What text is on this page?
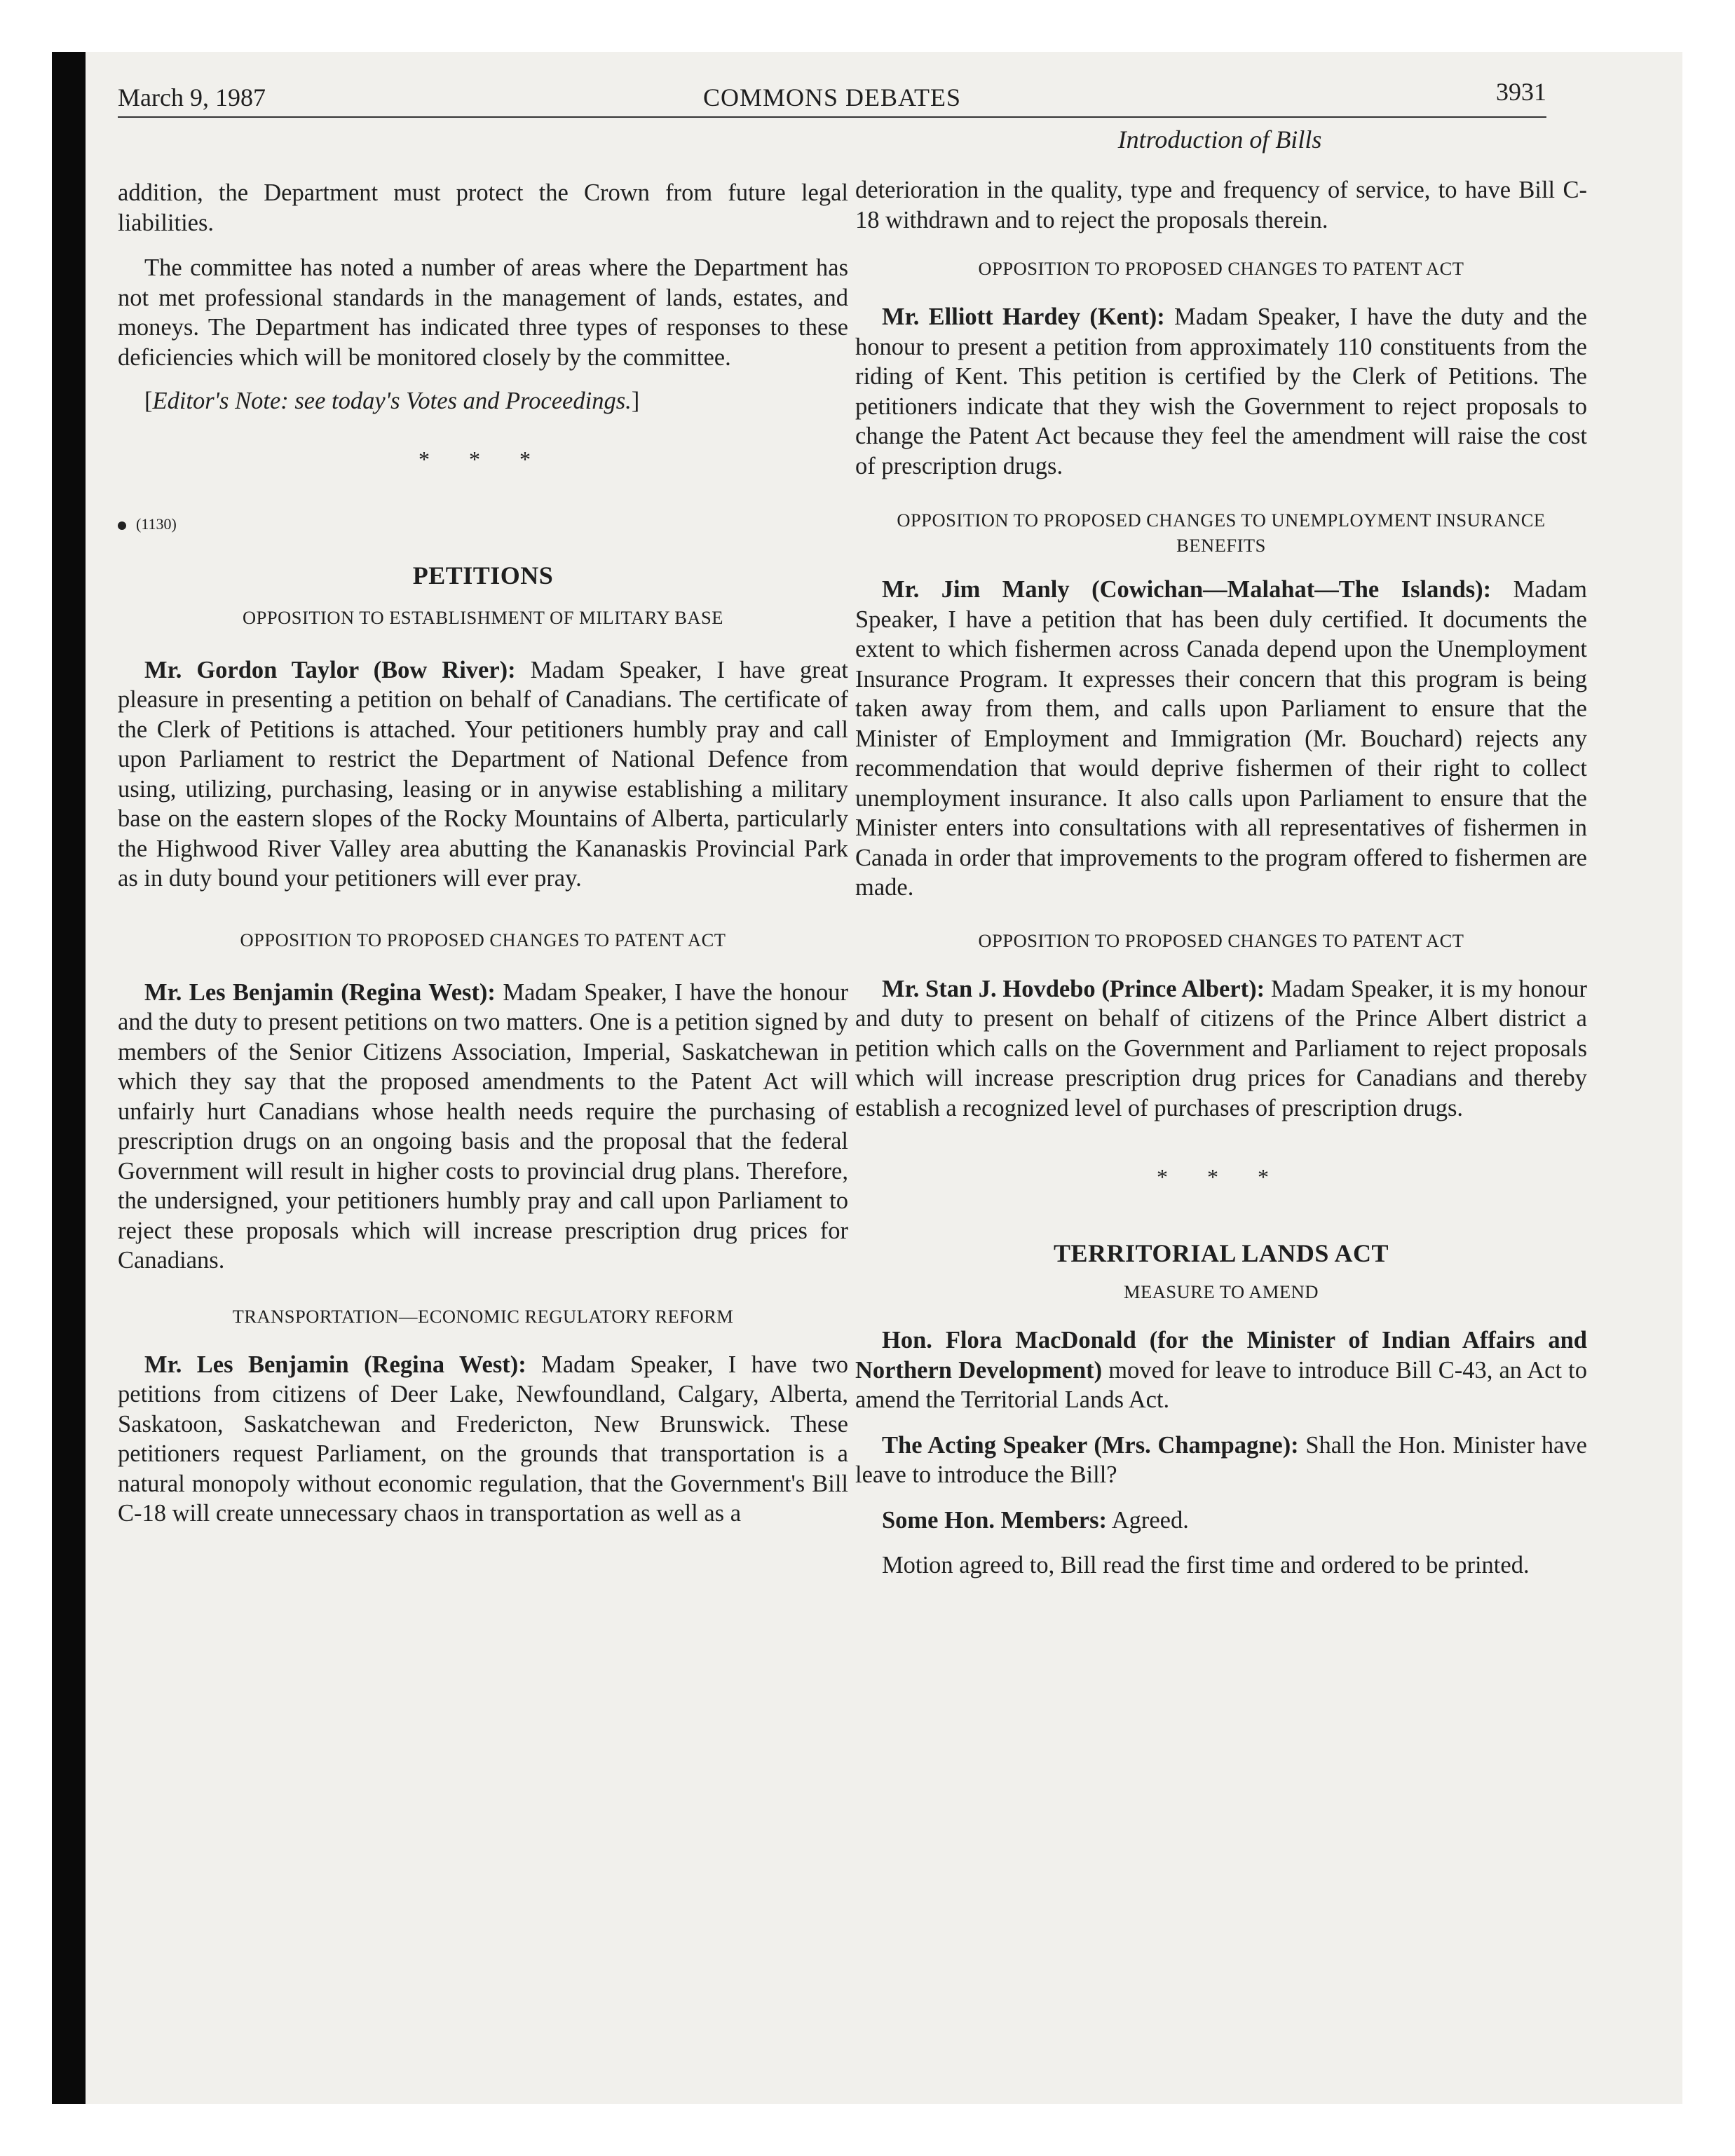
March 9, 1987	COMMONS DEBATES	3931
Introduction of Bills

addition, the Department must protect the Crown from future legal liabilities.

The committee has noted a number of areas where the Department has not met professional standards in the management of lands, estates, and moneys. The Department has indicated three types of responses to these deficiencies which will be monitored closely by the committee.

[Editor's Note: see today's Votes and Proceedings.]

* * *

(1130)

PETITIONS

OPPOSITION TO ESTABLISHMENT OF MILITARY BASE

Mr. Gordon Taylor (Bow River): Madam Speaker, I have great pleasure in presenting a petition on behalf of Canadians. The certificate of the Clerk of Petitions is attached. Your petitioners humbly pray and call upon Parliament to restrict the Department of National Defence from using, utilizing, purchasing, leasing or in anywise establishing a military base on the eastern slopes of the Rocky Mountains of Alberta, particularly the Highwood River Valley area abutting the Kananaskis Provincial Park as in duty bound your petitioners will ever pray.

OPPOSITION TO PROPOSED CHANGES TO PATENT ACT

Mr. Les Benjamin (Regina West): Madam Speaker, I have the honour and the duty to present petitions on two matters. One is a petition signed by members of the Senior Citizens Association, Imperial, Saskatchewan in which they say that the proposed amendments to the Patent Act will unfairly hurt Canadians whose health needs require the purchasing of prescription drugs on an ongoing basis and the proposal that the federal Government will result in higher costs to provincial drug plans. Therefore, the undersigned, your petitioners humbly pray and call upon Parliament to reject these proposals which will increase prescription drug prices for Canadians.

TRANSPORTATION—ECONOMIC REGULATORY REFORM

Mr. Les Benjamin (Regina West): Madam Speaker, I have two petitions from citizens of Deer Lake, Newfoundland, Calgary, Alberta, Saskatoon, Saskatchewan and Fredericton, New Brunswick. These petitioners request Parliament, on the grounds that transportation is a natural monopoly without economic regulation, that the Government's Bill C-18 will create unnecessary chaos in transportation as well as a

deterioration in the quality, type and frequency of service, to have Bill C-18 withdrawn and to reject the proposals therein.

OPPOSITION TO PROPOSED CHANGES TO PATENT ACT

Mr. Elliott Hardey (Kent): Madam Speaker, I have the duty and the honour to present a petition from approximately 110 constituents from the riding of Kent. This petition is certified by the Clerk of Petitions. The petitioners indicate that they wish the Government to reject proposals to change the Patent Act because they feel the amendment will raise the cost of prescription drugs.

OPPOSITION TO PROPOSED CHANGES TO UNEMPLOYMENT INSURANCE BENEFITS

Mr. Jim Manly (Cowichan—Malahat—The Islands): Madam Speaker, I have a petition that has been duly certified. It documents the extent to which fishermen across Canada depend upon the Unemployment Insurance Program. It expresses their concern that this program is being taken away from them, and calls upon Parliament to ensure that the Minister of Employment and Immigration (Mr. Bouchard) rejects any recommendation that would deprive fishermen of their right to collect unemployment insurance. It also calls upon Parliament to ensure that the Minister enters into consultations with all representatives of fishermen in Canada in order that improvements to the program offered to fishermen are made.

OPPOSITION TO PROPOSED CHANGES TO PATENT ACT

Mr. Stan J. Hovdebo (Prince Albert): Madam Speaker, it is my honour and duty to present on behalf of citizens of the Prince Albert district a petition which calls on the Government and Parliament to reject proposals which will increase prescription drug prices for Canadians and thereby establish a recognized level of purchases of prescription drugs.

* * *

TERRITORIAL LANDS ACT

MEASURE TO AMEND

Hon. Flora MacDonald (for the Minister of Indian Affairs and Northern Development) moved for leave to introduce Bill C-43, an Act to amend the Territorial Lands Act.

The Acting Speaker (Mrs. Champagne): Shall the Hon. Minister have leave to introduce the Bill?

Some Hon. Members: Agreed.

Motion agreed to, Bill read the first time and ordered to be printed.
